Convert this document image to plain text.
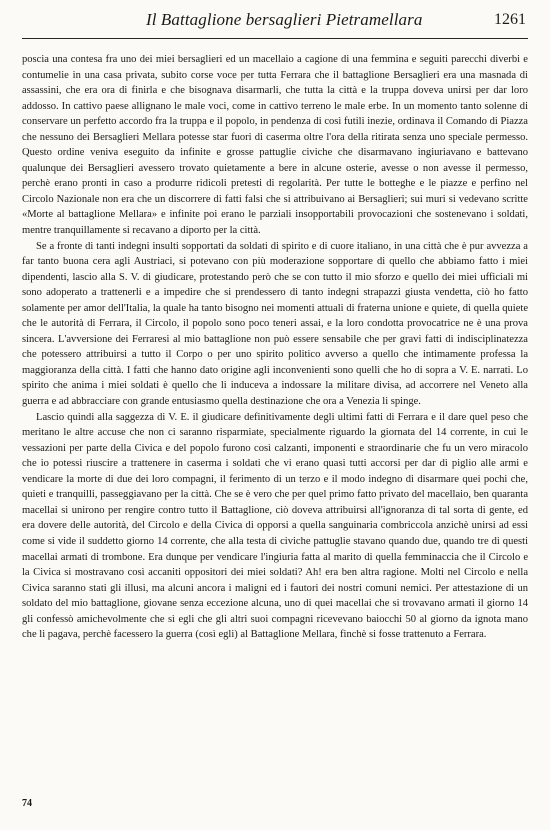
Il Battaglione bersaglieri Pietramellara	1261

poscia una contesa fra uno dei miei bersaglieri ed un macellaio a cagione di una femmina e seguiti parecchi diverbi e contumelie in una casa privata, subito corse voce per tutta Ferrara che il battaglione Bersaglieri era una masnada di assassini, che era ora di finirla e che bisognava disarmarli, che tutta la città e la truppa doveva unirsi per dar loro addosso. In cattivo paese allignano le male voci, come in cattivo terreno le male erbe. In un momento tanto solenne di conservare un perfetto accordo fra la truppa e il popolo, in pendenza di così futili inezie, ordinava il Comando di Piazza che nessuno dei Bersaglieri Mellara potesse star fuori di caserma oltre l'ora della ritirata senza uno speciale permesso. Questo ordine veniva eseguito da infinite e grosse pattuglie civiche che disarmavano ingiuriavano e battevano qualunque dei Bersaglieri avessero trovato quietamente a bere in alcune osterie, avesse o non avesse il permesso, perchè erano pronti in caso a produrre ridicoli pretesti di regolarità. Per tutte le botteghe e le piazze e perfino nel Circolo Nazionale non era che un discorrere di fatti falsi che si attribuivano ai Bersaglieri; sui muri si vedevano scritte «Morte al battaglione Mellara» e infinite poi erano le parziali insopportabili provocazioni che sostenevano i soldati, mentre tranquillamente si recavano a diporto per la città.

Se a fronte di tanti indegni insulti sopportati da soldati di spirito e di cuore italiano, in una città che è pur avvezza a far tanto buona cera agli Austriaci, si potevano con più moderazione sopportare di quello che abbiamo fatto i miei dipendenti, lascio alla S. V. di giudicare, protestando però che se con tutto il mio sforzo e quello dei miei ufficiali mi sono adoperato a trattenerli e a impedire che si prendessero di tanto indegni strapazzi giusta vendetta, ciò ho fatto solamente per amor dell'Italia, la quale ha tanto bisogno nei momenti attuali di fraterna unione e quiete, di quella quiete che le autorità di Ferrara, il Circolo, il popolo sono poco teneri assai, e la loro condotta provocatrice ne è una prova sincera. L'avversione dei Ferraresi al mio battaglione non può essere sensabile che per gravi fatti di indisciplinatezza che potessero attribuirsi a tutto il Corpo o per uno spirito politico avverso a quello che intimamente professa la maggioranza della città. I fatti che hanno dato origine agli inconvenienti sono quelli che ho di sopra a V. E. narrati. Lo spirito che anima i miei soldati è quello che li induceva a indossare la militare divisa, ad accorrere nel Veneto alla guerra e ad abbracciare con grande entusiasmo quella destinazione che ora a Venezia li spinge.

Lascio quindi alla saggezza di V. E. il giudicare definitivamente degli ultimi fatti di Ferrara e il dare quel peso che meritano le altre accuse che non ci saranno risparmiate, specialmente riguardo la giornata del 14 corrente, in cui le vessazioni per parte della Civica e del popolo furono così calzanti, imponenti e straordinarie che fu un vero miracolo che io potessi riuscire a trattenere in caserma i soldati che vi erano quasi tutti accorsi per dar di piglio alle armi e vendicare la morte di due dei loro compagni, il ferimento di un terzo e il modo indegno di disarmare quei pochi che, quieti e tranquilli, passeggiavano per la città. Che se è vero che per quel primo fatto privato del macellaio, ben quaranta macellai si unirono per rengire contro tutto il Battaglione, ciò doveva attribuirsi all'ignoranza di tal sorta di gente, ed era dovere delle autorità, del Circolo e della Civica di opporsi a quella sanguinaria combriccola anzichè unirsi ad essi come si vide il suddetto giorno 14 corrente, che alla testa di civiche pattuglie stavano quando due, quando tre di questi macellai armati di trombone. Era dunque per vendicare l'ingiuria fatta al marito di quella femminaccia che il Circolo e la Civica si mostravano così accaniti oppositori dei miei soldati? Ah! era ben altra ragione. Molti nel Circolo e nella Civica saranno stati gli illusi, ma alcuni ancora i maligni ed i fautori dei nostri comuni nemici. Per attestazione di un soldato del mio battaglione, giovane senza eccezione alcuna, uno di quei macellai che si trovavano armati il giorno 14 gli confessò amichevolmente che sì egli che gli altri suoi compagni ricevevano baiocchi 50 al giorno da ignota mano che li pagava, perchè facessero la guerra (così egli) al Battaglione Mellara, finchè si fosse trattenuto a Ferrara.

74
